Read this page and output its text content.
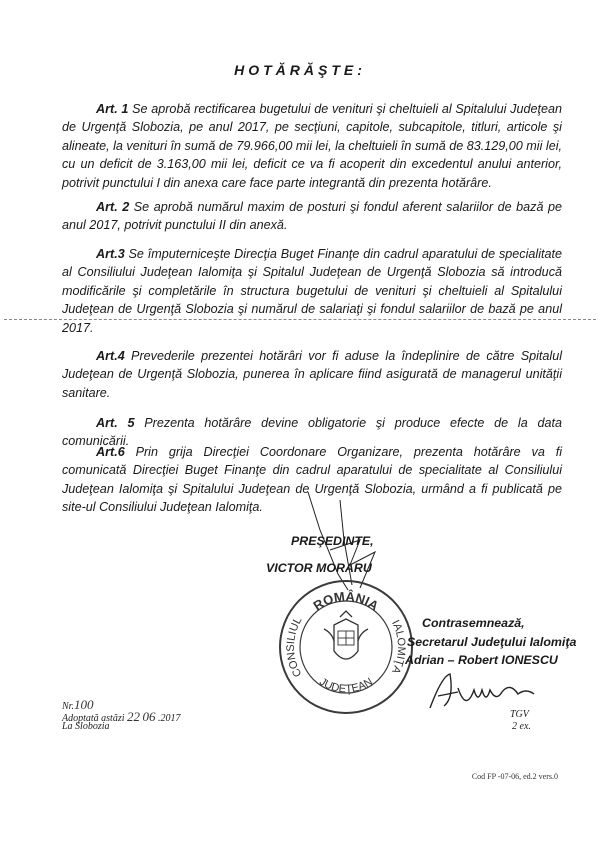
HOTĂRĂŞTE:
Art. 1 Se aprobă rectificarea bugetului de venituri şi cheltuieli al Spitalului Judeţean de Urgenţă Slobozia, pe anul 2017, pe secţiuni, capitole, subcapitole, titluri, articole şi alineate, la venituri în sumă de 79.966,00 mii lei, la cheltuieli în sumă de 83.129,00 mii lei, cu un deficit de 3.163,00 mii lei, deficit ce va fi acoperit din excedentul anului anterior, potrivit punctului I din anexa care face parte integrantă din prezenta hotărâre.
Art. 2 Se aprobă numărul maxim de posturi şi fondul aferent salariilor de bază pe anul 2017, potrivit punctului II din anexă.
Art.3 Se împuterniceşte Direcţia Buget Finanţe din cadrul aparatului de specialitate al Consiliului Judeţean Ialomiţa şi Spitalul Judeţean de Urgenţă Slobozia să introducă modificările şi completările în structura bugetului de venituri şi cheltuieli al Spitalului Judeţean de Urgenţă Slobozia şi numărul de salariaţi şi fondul salariilor de bază pe anul 2017.
Art.4 Prevederile prezentei hotărâri vor fi aduse la îndeplinire de către Spitalul Judeţean de Urgenţă Slobozia, punerea în aplicare fiind asigurată de managerul unităţii sanitare.
Art. 5 Prezenta hotărâre devine obligatorie şi produce efecte de la data comunicării.
Art.6 Prin grija Direcţiei Coordonare Organizare, prezenta hotărâre va fi comunicată Direcţiei Buget Finanţe din cadrul aparatului de specialitate al Consiliului Judeţean Ialomiţa şi Spitalului Judeţean de Urgenţă Slobozia, urmând a fi publicată pe site-ul Consiliului Judeţean Ialomiţa.
PREŞEDINTE,
VICTOR MORARU
ROMÂNIA
CONSILIUL
JUDEŢEAN
IALOMIŢA
Contrasemnează,
Secretarul Judeţului Ialomiţa
Adrian – Robert IONESCU
Nr.100
Adoptată astăzi 22 06 .2017
La Slobozia
TGV
2 ex.
Cod FP -07-06, ed.2 vers.0
